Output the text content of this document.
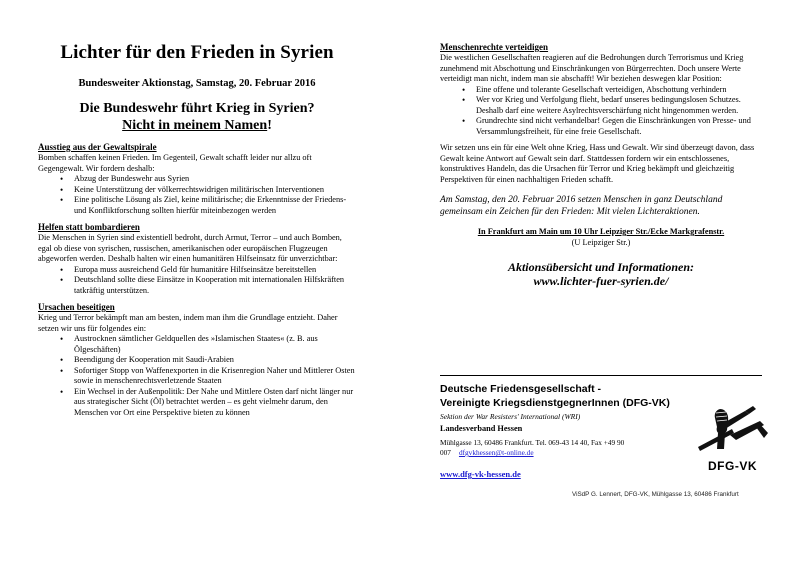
Lichter für den Frieden in Syrien
Bundesweiter Aktionstag, Samstag, 20. Februar 2016
Die Bundeswehr führt Krieg in Syrien?
Nicht in meinem Namen!
Ausstieg aus der Gewaltspirale
Bomben schaffen keinen Frieden. Im Gegenteil, Gewalt schafft leider nur allzu oft Gegengewalt. Wir fordern deshalb:
• Abzug der Bundeswehr aus Syrien
• Keine Unterstützung der völkerrechtswidrigen militärischen Interventionen
• Eine politische Lösung als Ziel, keine militärische; die Erkenntnisse der Friedens- und Konfliktforschung sollten hierfür miteinbezogen werden
Helfen statt bombardieren
Die Menschen in Syrien sind existentiell bedroht, durch Armut, Terror – und auch Bomben, egal ob diese von syrischen, russischen, amerikanischen oder europäischen Flugzeugen abgeworfen werden. Deshalb halten wir einen humanitären Hilfseinsatz für unverzichtbar:
• Europa muss ausreichend Geld für humanitäre Hilfseinsätze bereitstellen
• Deutschland sollte diese Einsätze in Kooperation mit internationalen Hilfskräften tatkräftig unterstützen.
Ursachen beseitigen
Krieg und Terror bekämpft man am besten, indem man ihm die Grundlage entzieht. Daher setzen wir uns für folgendes ein:
• Austrocknen sämtlicher Geldquellen des »Islamischen Staates« (z. B. aus Ölgeschäften)
• Beendigung der Kooperation mit Saudi-Arabien
• Sofortiger Stopp von Waffenexporten in die Krisenregion Naher und Mittlerer Osten sowie in menschenrechtsverletzende Staaten
• Ein Wechsel in der Außenpolitik: Der Nahe und Mittlere Osten darf nicht länger nur aus strategischer Sicht (Öl) betrachtet werden – es geht vielmehr darum, den Menschen vor Ort eine Perspektive bieten zu können
Menschenrechte verteidigen
Die westlichen Gesellschaften reagieren auf die Bedrohungen durch Terrorismus und Krieg zunehmend mit Abschottung und Einschränkungen von Bürgerrechten. Doch unsere Werte verteidigt man nicht, indem man sie abschafft! Wir beziehen deswegen klar Position:
• Eine offene und tolerante Gesellschaft verteidigen, Abschottung verhindern
• Wer vor Krieg und Verfolgung flieht, bedarf unseres bedingungslosen Schutzes. Deshalb darf eine weitere Asylrechtsverschärfung nicht hingenommen werden.
• Grundrechte sind nicht verhandelbar! Gegen die Einschränkungen von Presse- und Versammlungsfreiheit, für eine freie Gesellschaft.
Wir setzen uns ein für eine Welt ohne Krieg, Hass und Gewalt. Wir sind überzeugt davon, dass Gewalt keine Antwort auf Gewalt sein darf. Stattdessen fordern wir ein entschlossenes, konstruktives Handeln, das die Ursachen für Terror und Krieg bekämpft und gleichzeitig Perspektiven für einen nachhaltigen Frieden schafft.
Am Samstag, den 20. Februar 2016 setzen Menschen in ganz Deutschland gemeinsam ein Zeichen für den Frieden: Mit vielen Lichteraktionen.
In Frankfurt am Main um 10 Uhr Leipziger Str./Ecke Markgrafenstr.
(U Leipziger Str.)
Aktionsübersicht und Informationen:
www.lichter-fuer-syrien.de/
Deutsche Friedensgesellschaft -
Vereinigte KriegsdienstgegnerInnen (DFG-VK)
Sektion der War Resisters' International (WRI)
Landesverband Hessen
Mühlgasse 13, 60486 Frankfurt. Tel. 069-43 14 40, Fax +49 90 007 dfgvkhessen@t-online.de
www.dfg-vk-hessen.de
DFG-VK
ViSdP G. Lennert, DFG-VK, Mühlgasse 13, 60486 Frankfurt
